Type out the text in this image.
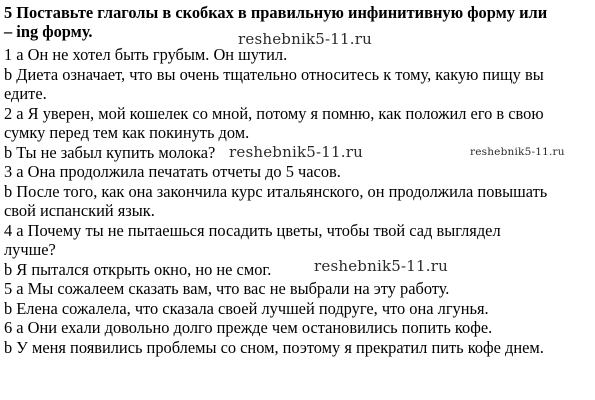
5 Поставьте глаголы в скобках в правильную инфинитивную форму или
– ing форму.
1 a Он не хотел быть грубым. Он шутил.
b Диета означает, что вы очень тщательно относитесь к тому, какую пищу вы
едите.
2 а Я уверен, мой кошелек со мной, потому я помню, как положил его в свою
сумку перед тем как покинуть дом.
b Ты не забыл купить молока?
3 а Она продолжила печатать отчеты до 5 часов.
b После того, как она закончила курс итальянского, он продолжила повышать
свой испанский язык.
4 а Почему ты не пытаешься посадить цветы, чтобы твой сад выглядел
лучше?
b Я пытался открыть окно, но не смог.
5 а Мы сожалеем сказать вам, что вас не выбрали на эту работу.
b Елена сожалела, что сказала своей лучшей подруге, что она лгунья.
6 а Они ехали довольно долго прежде чем остановились попить кофе.
b У меня появились проблемы со сном, поэтому я прекратил пить кофе днем.
reshebnik5-11.ru
reshebnik5-11.ru	reshebnik5-11.ru
reshebnik5-11.ru
